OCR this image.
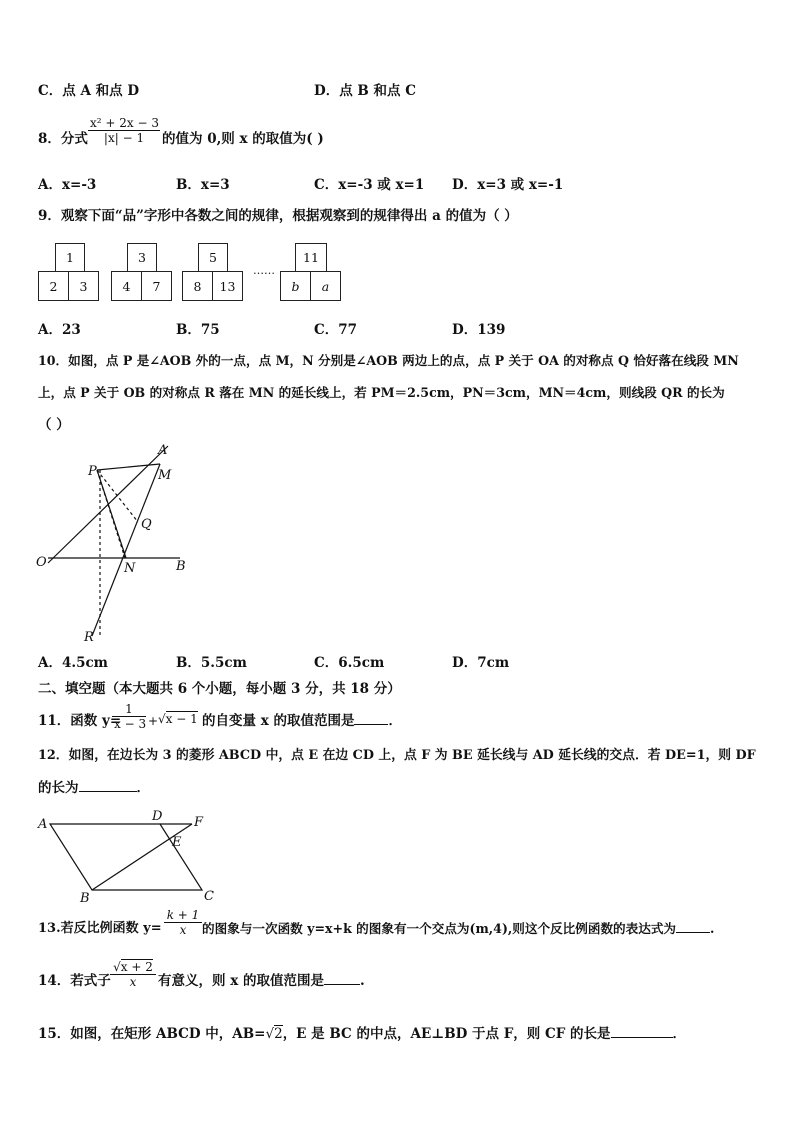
C．点 A 和点 D	D．点 B 和点 C
8．分式
x² + 2x − 3
|x| − 1	的值为 0,则 x 的取值为( )
A．x=-3	B．x=3	C．x=-3 或 x=1 D．x=3 或 x=-1
9．观察下面“品”字形中各数之间的规律，根据观察到的规律得出 a 的值为（ ）
1
2	3
3
4	7
5
8	13
……
11
b	a
A．23	B．75	C．77	D．139
10．如图，点 P 是∠AOB 外的一点，点 M，N 分别是∠AOB 两边上的点，点 P 关于 OA 的对称点 Q 恰好落在线段 MN
上，点 P 关于 OB 的对称点 R 落在 MN 的延长线上，若 PM＝2.5cm，PN＝3cm，MN＝4cm，则线段 QR 的长为
（ ）
A
M
P
Q
O	N	B
R
A．4.5cm	B．5.5cm	C．6.5cm	D．7cm
二、填空题（本大题共 6 个小题，每小题 3 分，共 18 分）
11．函数 y=
1
x − 3 + √x − 1 的自变量 x 的取值范围是	．
12．如图，在边长为 3 的菱形 ABCD 中，点 E 在边 CD 上，点 F 为 BE 延长线与 AD 延长线的交点．若 DE=1，则 DF
的长为	．
A
D F
E
B	C
13.若反比例函数 y=
k + 1
x	的图象与一次函数 y=x+k 的图象有一个交点为(m,4),则这个反比例函数的表达式为	.
14．若式子
√x + 2
x	有意义，则 x 的取值范围是	.
15．如图，在矩形 ABCD 中，AB=√2，E 是 BC 的中点，AE⊥BD 于点 F，则 CF 的长是	．
